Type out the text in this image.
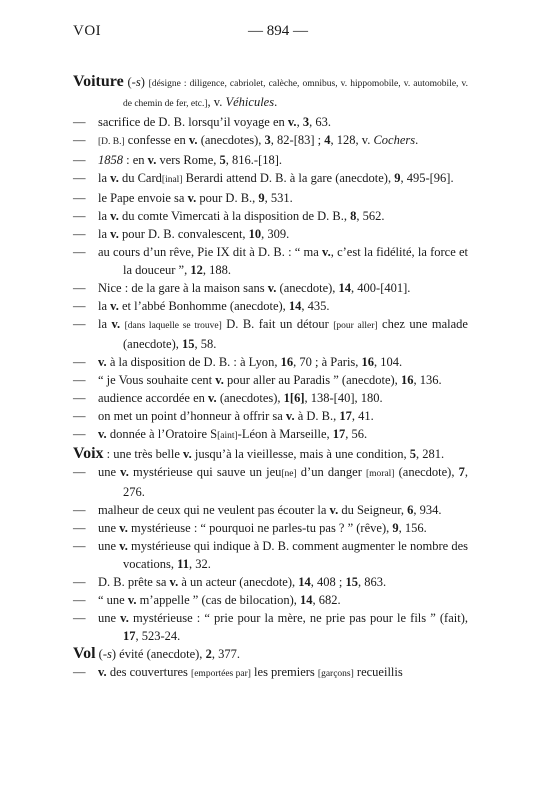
VOI	— 894 —
Voiture (-s) [désigne : diligence, cabriolet, calèche, omnibus, v. hippomobile, v. automobile, v. de chemin de fer, etc.], v. Véhicules.
— sacrifice de D. B. lorsqu’il voyage en v., 3, 63.
— [D. B.] confesse en v. (anecdotes), 3, 82-[83] ; 4, 128, v. Cochers.
— 1858 : en v. vers Rome, 5, 816.-[18].
— la v. du Card[inal] Berardi attend D. B. à la gare (anecdote), 9, 495-[96].
— le Pape envoie sa v. pour D. B., 9, 531.
— la v. du comte Vimercati à la disposition de D. B., 8, 562.
— la v. pour D. B. convalescent, 10, 309.
— au cours d’un rêve, Pie IX dit à D. B. : “ ma v., c’est la fidélité, la force et la douceur ”, 12, 188.
— Nice : de la gare à la maison sans v. (anecdote), 14, 400-[401].
— la v. et l’abbé Bonhomme (anecdote), 14, 435.
— la v. [dans laquelle se trouve] D. B. fait un détour [pour aller] chez une malade (anecdote), 15, 58.
— v. à la disposition de D. B. : à Lyon, 16, 70 ; à Paris, 16, 104.
— “ je Vous souhaite cent v. pour aller au Paradis ” (anecdote), 16, 136.
— audience accordée en v. (anecdotes), 1[6], 138-[40], 180.
— on met un point d’honneur à offrir sa v. à D. B., 17, 41.
— v. donnée à l’Oratoire S[aint]-Léon à Marseille, 17, 56.
Voix : une très belle v. jusqu’à la vieillesse, mais à une condition, 5, 281.
— une v. mystérieuse qui sauve un jeu[ne] d’un danger [moral] (anecdote), 7, 276.
— malheur de ceux qui ne veulent pas écouter la v. du Seigneur, 6, 934.
— une v. mystérieuse : “ pourquoi ne parles-tu pas ? ” (rêve), 9, 156.
— une v. mystérieuse qui indique à D. B. comment augmenter le nombre des vocations, 11, 32.
— D. B. prête sa v. à un acteur (anecdote), 14, 408 ; 15, 863.
— “ une v. m’appelle ” (cas de bilocation), 14, 682.
— une v. mystérieuse : “ prie pour la mère, ne prie pas pour le fils ” (fait), 17, 523-24.
Vol (-s) évité (anecdote), 2, 377.
— v. des couvertures [emportées par] les premiers [garçons] recueillis
